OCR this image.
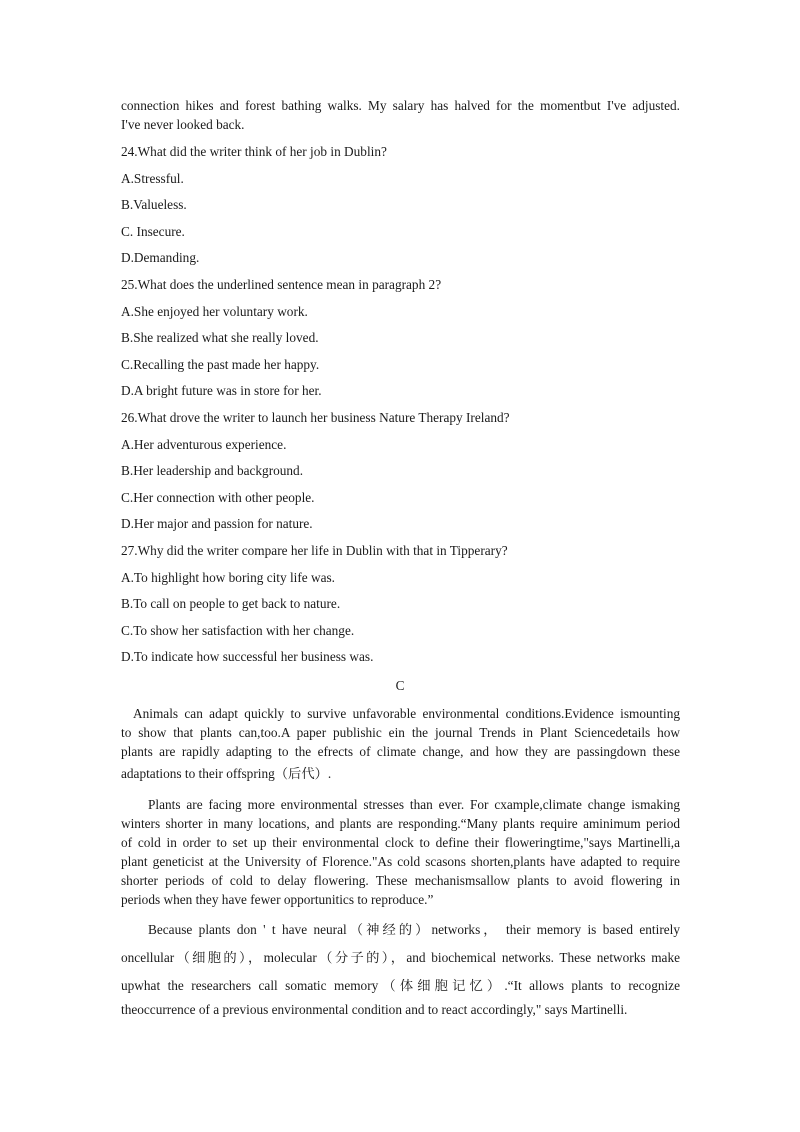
connection hikes and forest bathing walks. My salary has halved for the momentbut I've adjusted.
I've never looked back.
24.What did the writer think of her job in Dublin?
A.Stressful.
B.Valueless.
C. Insecure.
D.Demanding.
25.What does the underlined sentence mean in paragraph 2?
A.She enjoyed her voluntary work.
B.She realized what she really loved.
C.Recalling the past made her happy.
D.A bright future was in store for her.
26.What drove the writer to launch her business Nature Therapy Ireland?
A.Her adventurous experience.
B.Her leadership and background.
C.Her connection with other people.
D.Her major and passion for nature.
27.Why did the writer compare her life in Dublin with that in Tipperary?
A.To highlight how boring city life was.
B.To call on people to get back to nature.
C.To show her satisfaction with her change.
D.To indicate how successful her business was.
C
Animals can adapt quickly to survive unfavorable environmental conditions.Evidence ismounting
to show that plants can,too.A paper publishic ein the journal Trends in Plant Sciencedetails how
plants are rapidly adapting to the efrects of climate change, and how they are passingdown these
adaptations to their offspring（后代）.
Plants are facing more environmental stresses than ever. For cxample,climate change ismaking
winters shorter in many locations, and plants are responding.“Many plants require aminimum period
of cold in order to set up their environmental clock to define their floweringtime,"says Martinelli,a
plant geneticist at the University of Florence."As cold scasons shorten,plants have adapted to require
shorter periods of cold to delay flowering. These mechanismsallow plants to avoid flowering in
periods when they have fewer opportunitics to reproduce.”
Because plants don ' t have neural（神经的）networks， their memory is based entirely
oncellular（细胞的），molecular（分子的），and biochemical networks. These networks make
upwhat the researchers call somatic memory（体细胞记忆）.“It allows plants to recognize
theoccurrence of a previous environmental condition and to react accordingly," says Martinelli.
